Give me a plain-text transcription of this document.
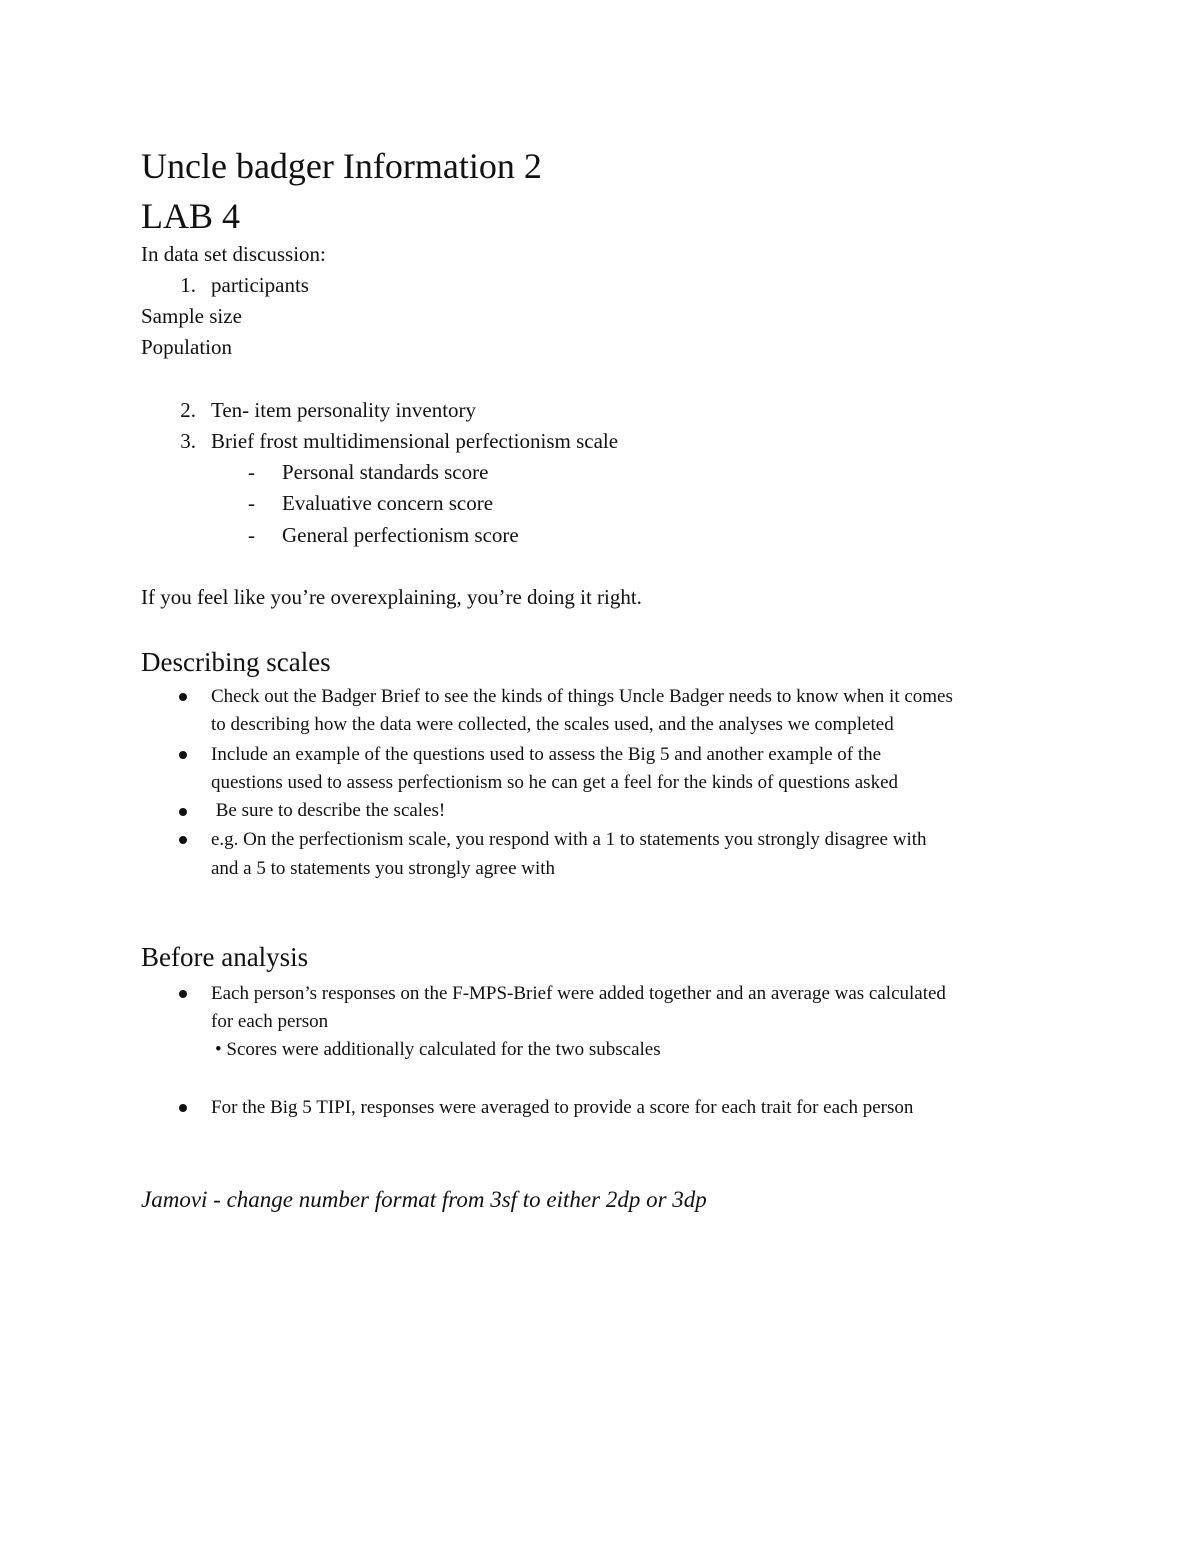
Uncle badger Information 2
LAB 4
In data set discussion:
1. participants
Sample size
Population
2. Ten- item personality inventory
3. Brief frost multidimensional perfectionism scale
-	Personal standards score
-	Evaluative concern score
-	General perfectionism score
If you feel like you’re overexplaining, you’re doing it right.
Describing scales
Check out the Badger Brief to see the kinds of things Uncle Badger needs to know when it comes
to describing how the data were collected, the scales used, and the analyses we completed
Include an example of the questions used to assess the Big 5 and another example of the
questions used to assess perfectionism so he can get a feel for the kinds of questions asked
Be sure to describe the scales!
e.g. On the perfectionism scale, you respond with a 1 to statements you strongly disagree with
and a 5 to statements you strongly agree with
Before analysis
Each person’s responses on the F-MPS-Brief were added together and an average was calculated
for each person
• Scores were additionally calculated for the two subscales
For the Big 5 TIPI, responses were averaged to provide a score for each trait for each person
Jamovi - change number format from 3sf to either 2dp or 3dp
